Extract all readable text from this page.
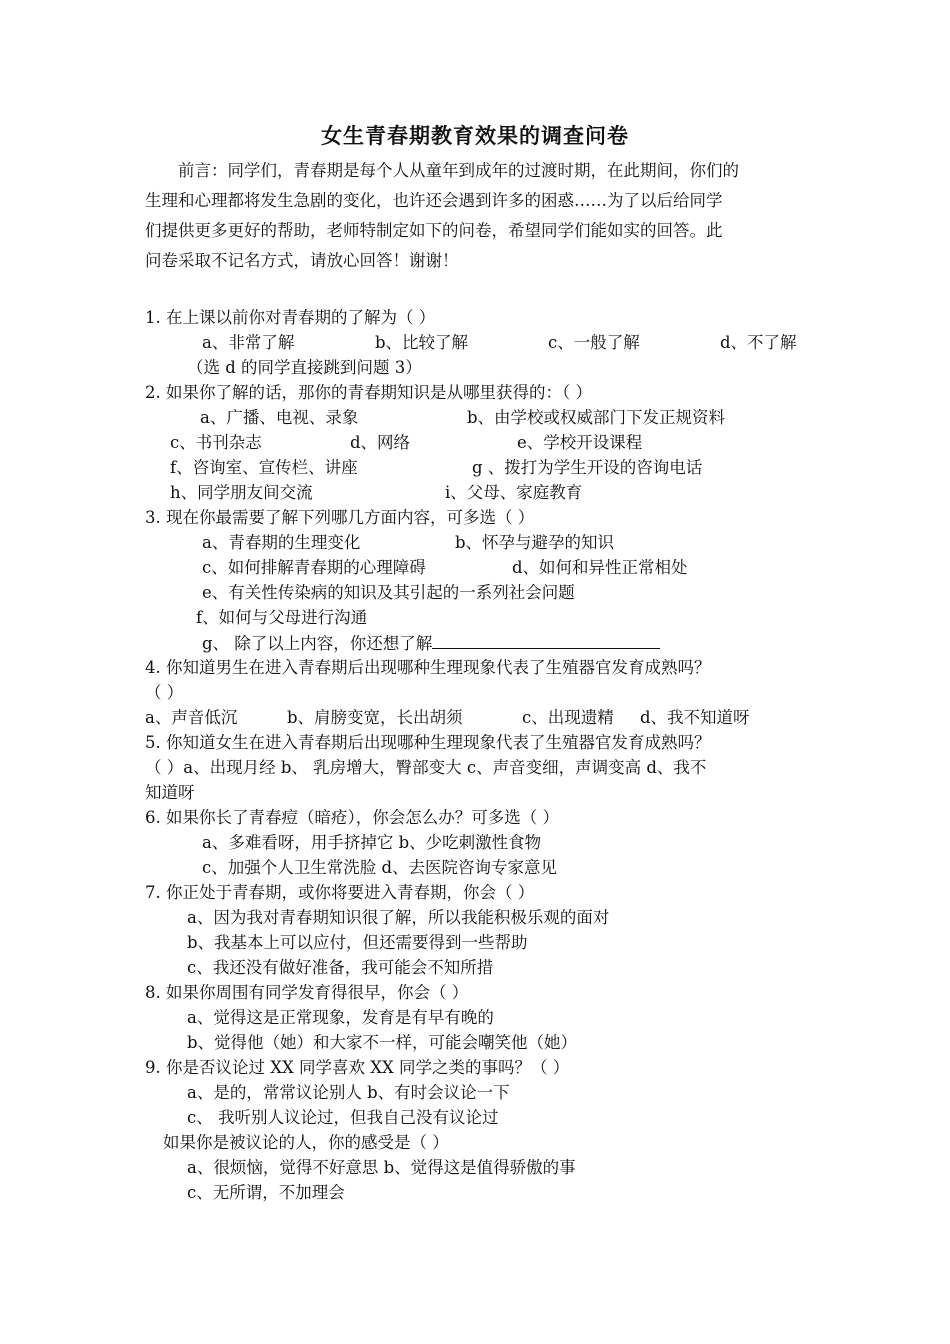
女生青春期教育效果的调查问卷
前言：同学们，青春期是每个人从童年到成年的过渡时期，在此期间，你们的
生理和心理都将发生急剧的变化，也许还会遇到许多的困惑……为了以后给同学
们提供更多更好的帮助，老师特制定如下的问卷，希望同学们能如实的回答。此
问卷采取不记名方式，请放心回答！谢谢！
1. 在上课以前你对青春期的了解为（ ）
a、非常了解	b、比较了解	c、一般了解	d、不了解
（选 d 的同学直接跳到问题 3）
2. 如果你了解的话，那你的青春期知识是从哪里获得的：（ ）
a、广播、电视、录象	b、由学校或权威部门下发正规资料
c、书刊杂志	d、网络	e、学校开设课程
f、咨询室、宣传栏、讲座	g 、拨打为学生开设的咨询电话
h、同学朋友间交流	i、父母、家庭教育
3. 现在你最需要了解下列哪几方面内容，可多选（ ）
a、青春期的生理变化	b、怀孕与避孕的知识
c、如何排解青春期的心理障碍	d、如何和异性正常相处
e、有关性传染病的知识及其引起的一系列社会问题
f、如何与父母进行沟通
g、 除了以上内容，你还想了解
4. 你知道男生在进入青春期后出现哪种生理现象代表了生殖器官发育成熟吗？
（ ）
a、声音低沉	b、肩膀变宽，长出胡须	c、出现遗精 d、我不知道呀
5. 你知道女生在进入青春期后出现哪种生理现象代表了生殖器官发育成熟吗？
（ ）a、出现月经 b、 乳房增大，臀部变大 c、声音变细，声调变高 d、我不
知道呀
6. 如果你长了青春痘（暗疮），你会怎么办？可多选（ ）
a、多难看呀，用手挤掉它 b、少吃刺激性食物
c、加强个人卫生常洗脸 d、去医院咨询专家意见
7. 你正处于青春期，或你将要进入青春期，你会（ ）
a、因为我对青春期知识很了解，所以我能积极乐观的面对
b、我基本上可以应付，但还需要得到一些帮助
c、我还没有做好准备，我可能会不知所措
8. 如果你周围有同学发育得很早，你会（ ）
a、觉得这是正常现象，发育是有早有晚的
b、觉得他（她）和大家不一样，可能会嘲笑他（她）
9. 你是否议论过 XX 同学喜欢 XX 同学之类的事吗？（ ）
a、是的，常常议论别人 b、有时会议论一下
c、 我听别人议论过，但我自己没有议论过
如果你是被议论的人，你的感受是（ ）
a、很烦恼，觉得不好意思 b、觉得这是值得骄傲的事
c、无所谓，不加理会
